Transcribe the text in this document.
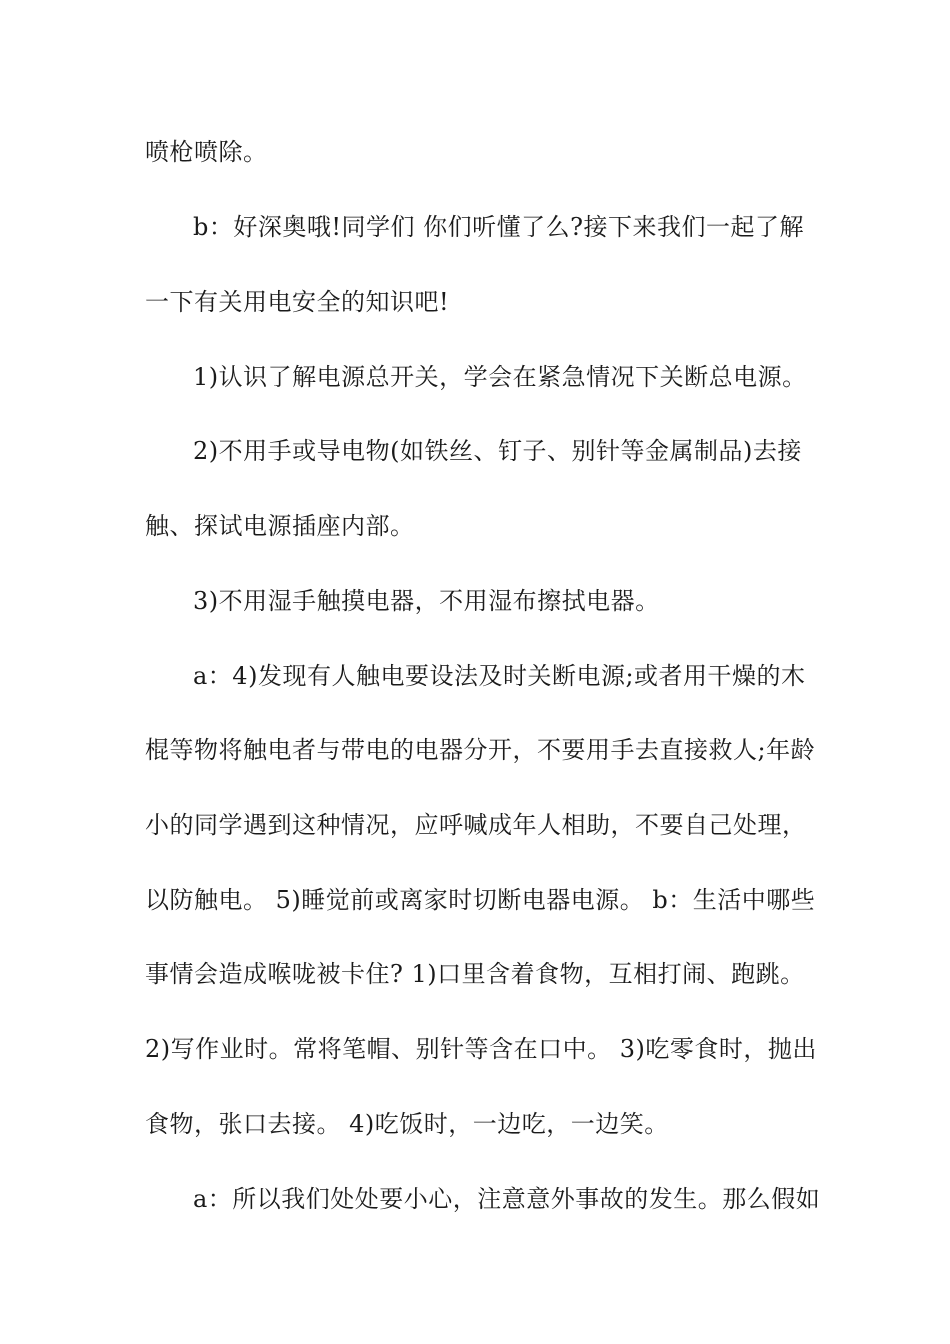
喷枪喷除。
b：好深奥哦!同学们 你们听懂了么?接下来我们一起了解
一下有关用电安全的知识吧!
1)认识了解电源总开关，学会在紧急情况下关断总电源。
2)不用手或导电物(如铁丝、钉子、别针等金属制品)去接
触、探试电源插座内部。
3)不用湿手触摸电器，不用湿布擦拭电器。
a：4)发现有人触电要设法及时关断电源;或者用干燥的木
棍等物将触电者与带电的电器分开，不要用手去直接救人;年龄
小的同学遇到这种情况，应呼喊成年人相助，不要自己处理，
以防触电。 5)睡觉前或离家时切断电器电源。 b：生活中哪些
事情会造成喉咙被卡住? 1)口里含着食物，互相打闹、跑跳。
2)写作业时。常将笔帽、别针等含在口中。 3)吃零食时，抛出
食物，张口去接。 4)吃饭时，一边吃，一边笑。
a：所以我们处处要小心，注意意外事故的发生。那么假如
